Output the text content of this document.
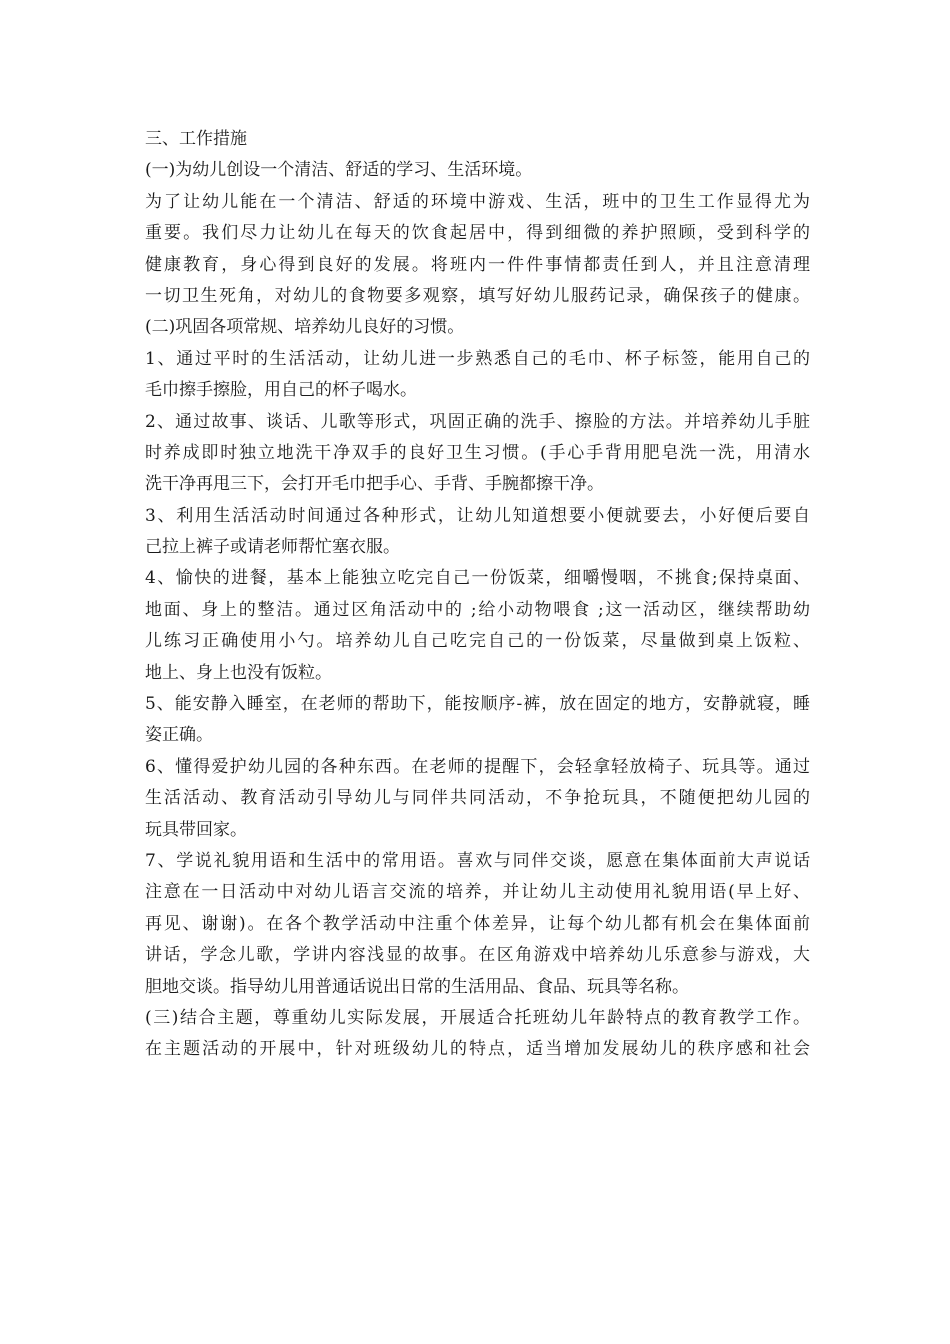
三、工作措施
(一)为幼儿创设一个清洁、舒适的学习、生活环境。
为了让幼儿能在一个清洁、舒适的环境中游戏、生活，班中的卫生工作显得尤为
重要。我们尽力让幼儿在每天的饮食起居中，得到细微的养护照顾，受到科学的
健康教育，身心得到良好的发展。将班内一件件事情都责任到人，并且注意清理
一切卫生死角，对幼儿的食物要多观察，填写好幼儿服药记录，确保孩子的健康。
(二)巩固各项常规、培养幼儿良好的习惯。
1、通过平时的生活活动，让幼儿进一步熟悉自己的毛巾、杯子标签，能用自己的
毛巾擦手擦脸，用自己的杯子喝水。
2、通过故事、谈话、儿歌等形式，巩固正确的洗手、擦脸的方法。并培养幼儿手脏
时养成即时独立地洗干净双手的良好卫生习惯。(手心手背用肥皂洗一洗，用清水
洗干净再甩三下，会打开毛巾把手心、手背、手腕都擦干净。
3、利用生活活动时间通过各种形式，让幼儿知道想要小便就要去，小好便后要自
己拉上裤子或请老师帮忙塞衣服。
4、愉快的进餐，基本上能独立吃完自己一份饭菜，细嚼慢咽，不挑食;保持桌面、
地面、身上的整洁。通过区角活动中的 ;给小动物喂食 ;这一活动区，继续帮助幼
儿练习正确使用小勺。培养幼儿自己吃完自己的一份饭菜，尽量做到桌上饭粒、
地上、身上也没有饭粒。
5、能安静入睡室，在老师的帮助下，能按顺序-裤，放在固定的地方，安静就寝，睡
姿正确。
6、懂得爱护幼儿园的各种东西。在老师的提醒下，会轻拿轻放椅子、玩具等。通过
生活活动、教育活动引导幼儿与同伴共同活动，不争抢玩具，不随便把幼儿园的
玩具带回家。
7、学说礼貌用语和生活中的常用语。喜欢与同伴交谈，愿意在集体面前大声说话
注意在一日活动中对幼儿语言交流的培养，并让幼儿主动使用礼貌用语(早上好、
再见、谢谢)。在各个教学活动中注重个体差异，让每个幼儿都有机会在集体面前
讲话，学念儿歌，学讲内容浅显的故事。在区角游戏中培养幼儿乐意参与游戏，大
胆地交谈。指导幼儿用普通话说出日常的生活用品、食品、玩具等名称。
(三)结合主题，尊重幼儿实际发展，开展适合托班幼儿年龄特点的教育教学工作。
在主题活动的开展中，针对班级幼儿的特点，适当增加发展幼儿的秩序感和社会
